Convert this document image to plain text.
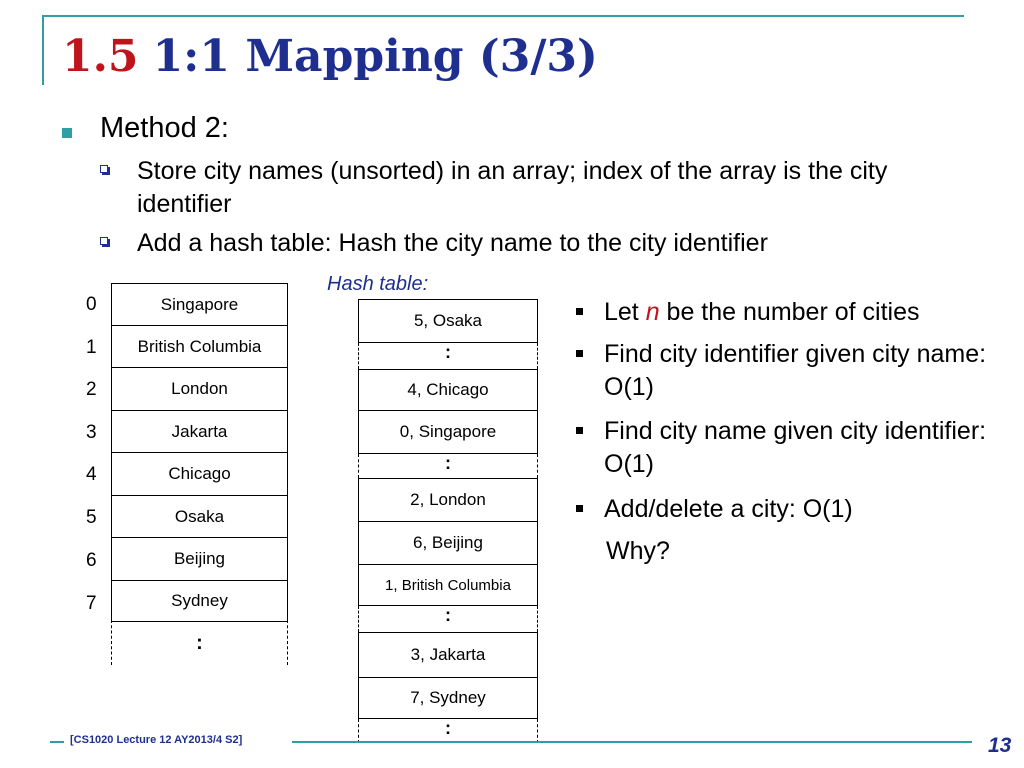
1.5 1:1 Mapping (3/3)
Method 2:
Store city names (unsorted) in an array; index of the array is the city identifier
Add a hash table: Hash the city name to the city identifier
0
1
2
3
4
5
6
7
Singapore
British Columbia
London
Jakarta
Chicago
Osaka
Beijing
Sydney
:
Hash table:
5, Osaka
:
4, Chicago
0, Singapore
:
2, London
6, Beijing
1, British Columbia
:
3, Jakarta
7, Sydney
:
Let n be the number of cities
Find city identifier given city name: O(1)
Find city name given city identifier: O(1)
Add/delete a city: O(1)
Why?
[CS1020 Lecture 12 AY2013/4 S2]	13
